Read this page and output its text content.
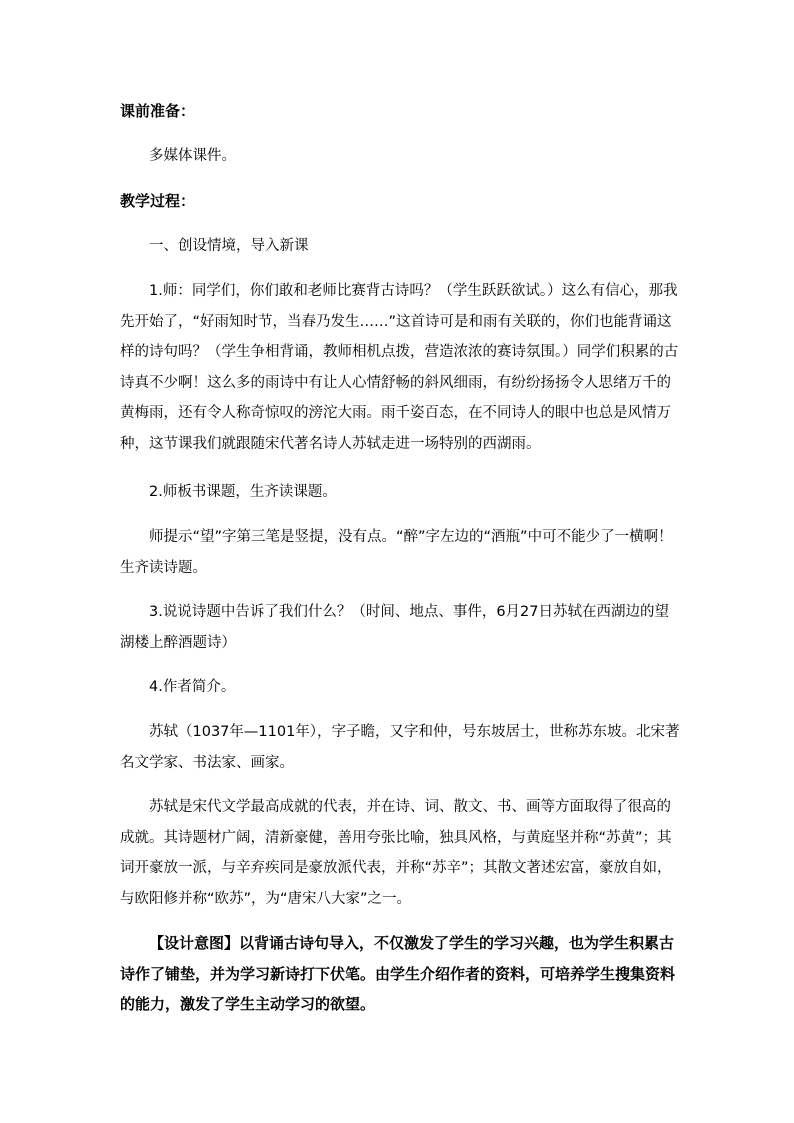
课前准备：

多媒体课件。

教学过程：

一、创设情境，导入新课

1.师：同学们，你们敢和老师比赛背古诗吗？（学生跃跃欲试。）这么有信心，那我先开始了，“好雨知时节，当春乃发生……”这首诗可是和雨有关联的，你们也能背诵这样的诗句吗？（学生争相背诵，教师相机点拨，营造浓浓的赛诗氛围。）同学们积累的古诗真不少啊！这么多的雨诗中有让人心情舒畅的斜风细雨，有纷纷扬扬令人思绪万千的黄梅雨，还有令人称奇惊叹的滂沱大雨。雨千姿百态，在不同诗人的眼中也总是风情万种，这节课我们就跟随宋代著名诗人苏轼走进一场特别的西湖雨。

2.师板书课题，生齐读课题。

师提示“望”字第三笔是竖提，没有点。“醉”字左边的“酒瓶”中可不能少了一横啊！生齐读诗题。

3.说说诗题中告诉了我们什么？（时间、地点、事件，6月27日苏轼在西湖边的望湖楼上醉酒题诗）

4.作者简介。

苏轼（1037年—1101年），字子瞻，又字和仲，号东坡居士，世称苏东坡。北宋著名文学家、书法家、画家。

苏轼是宋代文学最高成就的代表，并在诗、词、散文、书、画等方面取得了很高的成就。其诗题材广阔，清新豪健，善用夸张比喻，独具风格，与黄庭坚并称“苏黄”；其词开豪放一派，与辛弃疾同是豪放派代表，并称“苏辛”；其散文著述宏富，豪放自如，与欧阳修并称“欧苏”，为“唐宋八大家”之一。

【设计意图】以背诵古诗句导入，不仅激发了学生的学习兴趣，也为学生积累古诗作了铺垫，并为学习新诗打下伏笔。由学生介绍作者的资料，可培养学生搜集资料的能力，激发了学生主动学习的欲望。
